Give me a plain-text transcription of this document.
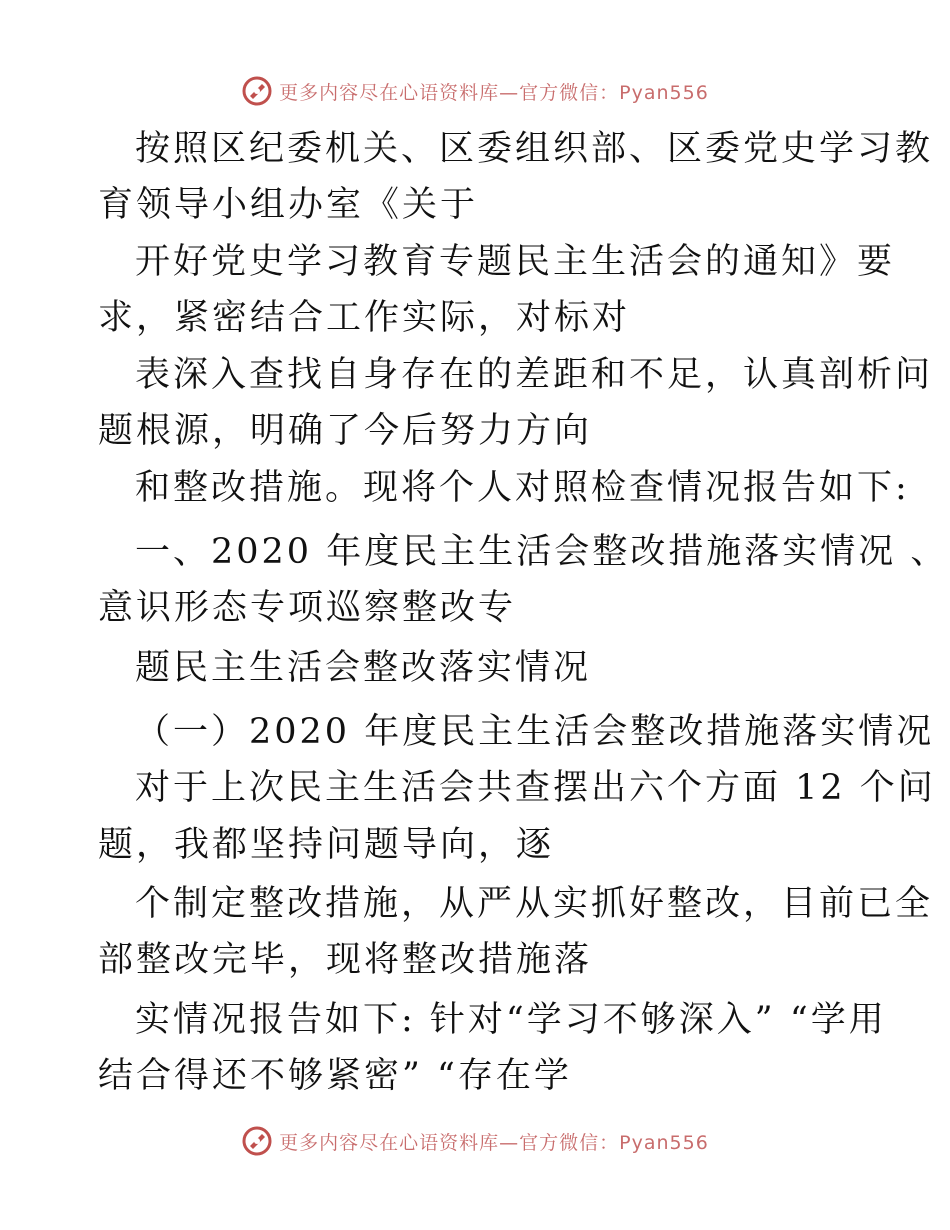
更多内容尽在心语资料库—官方微信：Pyan556
按照区纪委机关、区委组织部、区委党史学习教
育领导小组办室《关于
开好党史学习教育专题民主生活会的通知》要
求，紧密结合工作实际，对标对
表深入查找自身存在的差距和不足，认真剖析问
题根源，明确了今后努力方向
和整改措施。现将个人对照检查情况报告如下:
一、2020 年度民主生活会整改措施落实情况 、
意识形态专项巡察整改专
题民主生活会整改落实情况
（一）2020 年度民主生活会整改措施落实情况
对于上次民主生活会共查摆出六个方面 12 个问
题，我都坚持问题导向，逐
个制定整改措施，从严从实抓好整改，目前已全
部整改完毕，现将整改措施落
实情况报告如下: 针对“学习不够深入” “学用
结合得还不够紧密” “存在学
更多内容尽在心语资料库—官方微信：Pyan556
